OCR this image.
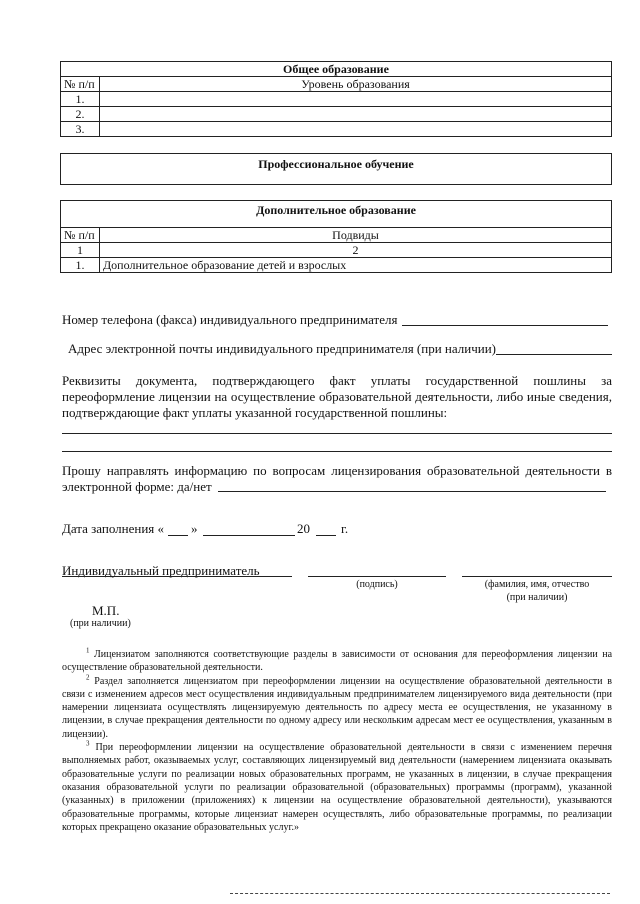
Общее образование	
№ п/п	Уровень образования
1.	
2.	
3.	
Профессиональное обучение
Дополнительное образование	
№ п/п	Подвиды
1	2
1.	Дополнительное образование детей и взрослых
Номер телефона (факса) индивидуального предпринимателя
Адрес электронной почты индивидуального предпринимателя (при наличии)
Реквизиты документа, подтверждающего факт уплаты государственной пошлины за переоформление лицензии на осуществление образовательной деятельности, либо иные сведения, подтверждающие факт уплаты указанной государственной пошлины:
Прошу направлять информацию по вопросам лицензирования образовательной деятельности в электронной форме: да/нет
Дата заполнения « »	20 г.
Индивидуальный предприниматель
(подпись)	(фамилия, имя, отчество
(при наличии)
М.П.
(при наличии)

$^1$ Лицензиатом заполняются соответствующие разделы в зависимости от основания для переоформления лицензии на осуществление образовательной деятельности.

$^2$ Раздел заполняется лицензиатом при переоформлении лицензии на осуществление образовательной деятельности в связи с изменением адресов мест осуществления индивидуальным предпринимателем лицензируемого вида деятельности (при намерении лицензиата осуществлять лицензируемую деятельность по адресу места ее осуществления, не указанному в лицензии, в случае прекращения деятельности по одному адресу или нескольким адресам мест ее осуществления, указанным в лицензии).

$^3$ При переоформлении лицензии на осуществление образовательной деятельности в связи с изменением перечня выполняемых работ, оказываемых услуг, составляющих лицензируемый вид деятельности (намерением лицензиата оказывать образовательные услуги по реализации новых образовательных программ, не указанных в лицензии, в случае прекращения оказания образовательной услуги по реализации образовательной (образовательных) программы (программ), указанной (указанных) в приложении (приложениях) к лицензии на осуществление образовательной деятельности), указываются образовательные программы, которые лицензиат намерен осуществлять, либо образовательные программы, по реализации которых прекращено оказание образовательных услуг.»
